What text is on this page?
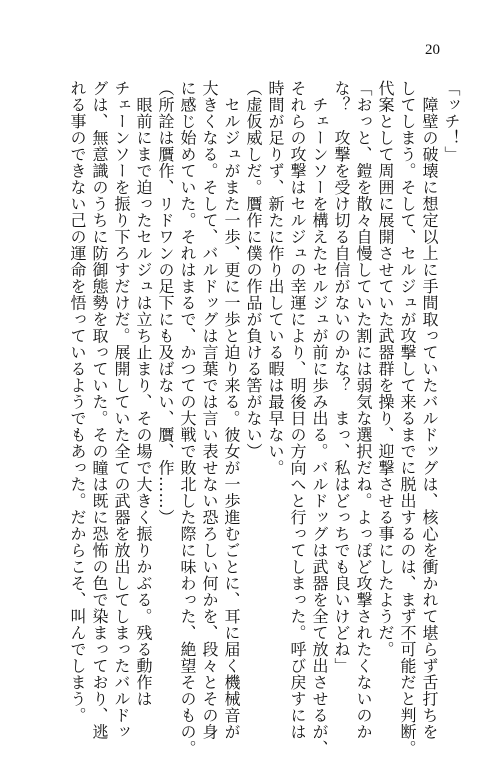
20
「ッチ！」
　障壁の破壊に想定以上に手間取っていたバルドッグは、核心を衝かれて堪らず舌打ちを
してしまう。そして、セルジュが攻撃して来るまでに脱出するのは、まず不可能だと判断。
代案として周囲に展開させていた武器群を操り、迎撃させる事にしたようだ。
「おっと、鎧を散々自慢していた割には弱気な選択だね。よっぽど攻撃されたくないのか
な？　攻撃を受け切る自信がないのかな？　まっ、私はどっちでも良いけどね」
　チェーンソーを構えたセルジュが前に歩み出る。バルドッグは武器を全て放出させるが、
それらの攻撃はセルジュの幸運により、明後日の方向へと行ってしまった。呼び戻すには
時間が足りず、新たに作り出している暇は最早ない。
（虚仮威しだ。贋作に僕の作品が負ける筈がない）
　セルジュがまた一歩、更に一歩と迫り来る。彼女が一歩進むごとに、耳に届く機械音が
大きくなる。そして、バルドッグは言葉では言い表せない恐ろしい何かを、段々とその身
に感じ始めていた。それはまるで、かつての大戦で敗北した際に味わった、絶望そのもの。
（所詮は贋作、リドワンの足下にも及ばない、贋、作……）
　眼前にまで迫ったセルジュは立ち止まり、その場で大きく振りかぶる。残る動作は
チェーンソーを振り下ろすだけだ。展開していた全ての武器を放出してしまったバルドッ
グは、無意識のうちに防御態勢を取っていた。その瞳は既に恐怖の色で染まっており、逃
れる事のできない己の運命を悟っているようでもあった。だからこそ、叫んでしまう。
